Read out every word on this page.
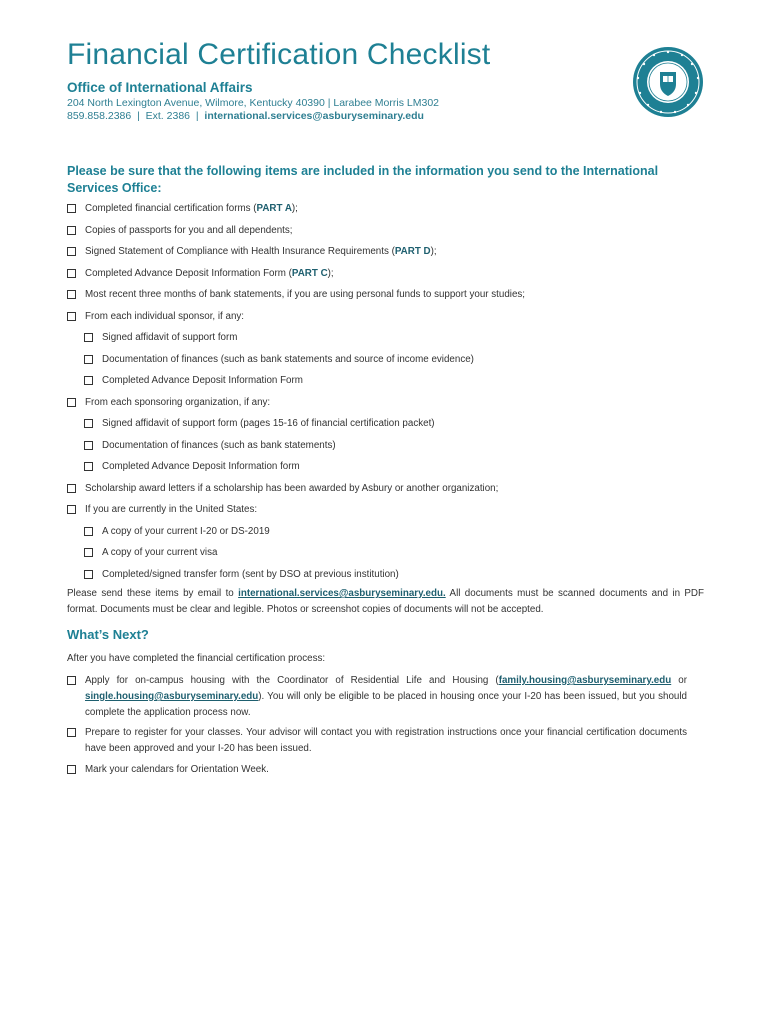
Financial Certification Checklist

Office of International Affairs

204 North Lexington Avenue, Wilmore, Kentucky 40390 | Larabee Morris LM302

859.858.2386  |  Ext. 2386  |  international.services@asburyseminary.edu

Please be sure that the following items are included in the information you send to the International Services Office:

Completed financial certification forms (PART A);
Copies of passports for you and all dependents;
Signed Statement of Compliance with Health Insurance Requirements (PART D);
Completed Advance Deposit Information Form (PART C);
Most recent three months of bank statements, if you are using personal funds to support your studies;
From each individual sponsor, if any:
Signed affidavit of support form
Documentation of finances (such as bank statements and source of income evidence)
Completed Advance Deposit Information Form
From each sponsoring organization, if any:
Signed affidavit of support form (pages 15-16 of financial certification packet)
Documentation of finances (such as bank statements)
Completed Advance Deposit Information form
Scholarship award letters if a scholarship has been awarded by Asbury or another organization;
If you are currently in the United States:
A copy of your current I-20 or DS-2019
A copy of your current visa
Completed/signed transfer form (sent by DSO at previous institution)

Please send these items by email to international.services@asburyseminary.edu. All documents must be scanned documents and in PDF format. Documents must be clear and legible. Photos or screenshot copies of documents will not be accepted.

What’s Next?

After you have completed the financial certification process:

Apply for on-campus housing with the Coordinator of Residential Life and Housing (family.housing@asburyseminary.edu or single.housing@asburyseminary.edu). You will only be eligible to be placed in housing once your I-20 has been issued, but you should complete the application process now.
Prepare to register for your classes. Your advisor will contact you with registration instructions once your financial certification documents have been approved and your I-20 has been issued.
Mark your calendars for Orientation Week.
